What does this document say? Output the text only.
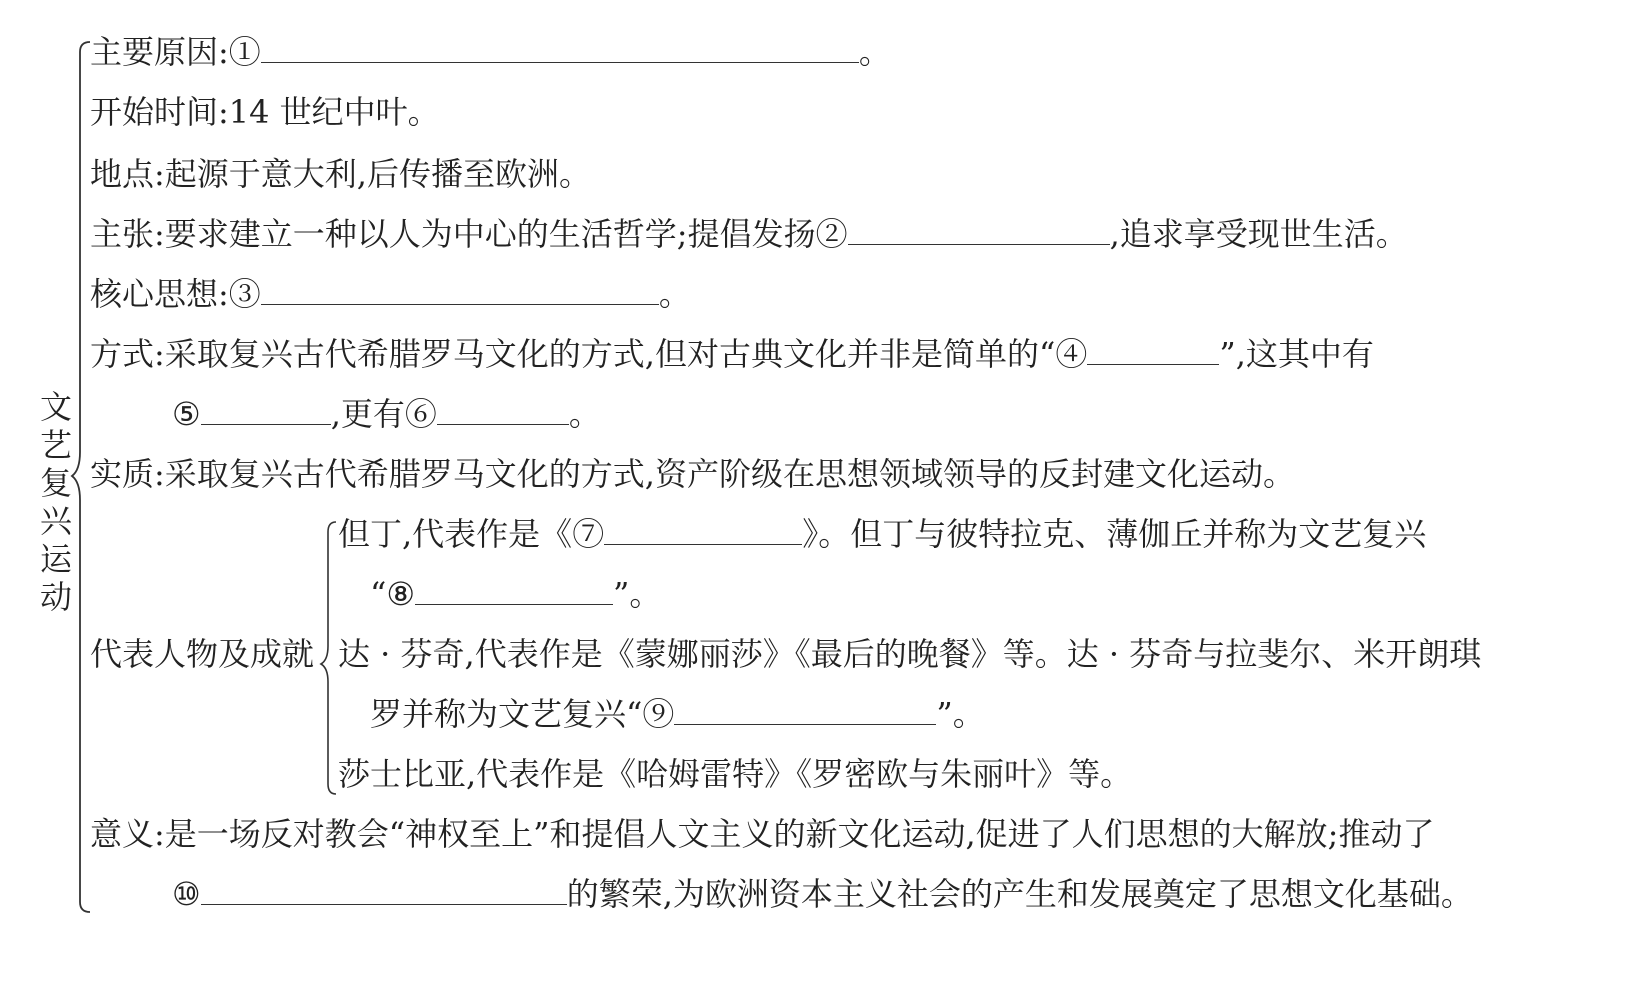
文
艺
复
兴
运
动
主要原因:①	。
开始时间:14 世纪中叶。
地点:起源于意大利,后传播至欧洲。
主张:要求建立一种以人为中心的生活哲学;提倡发扬②	,追求享受现世生活。
核心思想:③	。
方式:采取复兴古代希腊罗马文化的方式,但对古典文化并非是简单的“④	”,这其中有
⑤	,更有⑥	。
实质:采取复兴古代希腊罗马文化的方式,资产阶级在思想领域领导的反封建文化运动。
代表人物及成就
但丁,代表作是《⑦	》。但丁与彼特拉克、薄伽丘并称为文艺复兴
“⑧	”。
达 · 芬奇,代表作是《蒙娜丽莎》《最后的晚餐》等。达 · 芬奇与拉斐尔、米开朗琪
罗并称为文艺复兴“⑨	”。
莎士比亚,代表作是《哈姆雷特》《罗密欧与朱丽叶》等。
意义:是一场反对教会“神权至上”和提倡人文主义的新文化运动,促进了人们思想的大解放;推动了
⑩	的繁荣,为欧洲资本主义社会的产生和发展奠定了思想文化基础。
